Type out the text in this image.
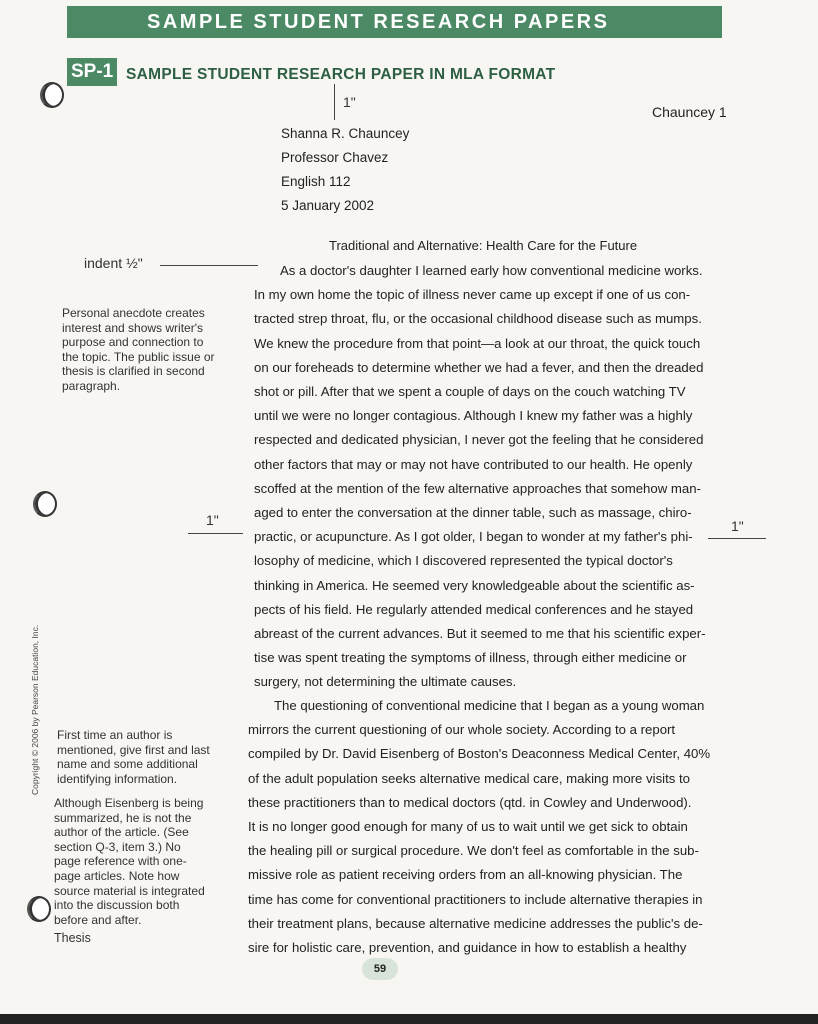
SAMPLE STUDENT RESEARCH PAPERS
SP-1 SAMPLE STUDENT RESEARCH PAPER IN MLA FORMAT
1"
Chauncey 1
Shanna R. Chauncey
Professor Chavez
English 112
5 January 2002
Traditional and Alternative: Health Care for the Future
indent ½"
1"	1"
As a doctor's daughter I learned early how conventional medicine works.
In my own home the topic of illness never came up except if one of us con-
tracted strep throat, flu, or the occasional childhood disease such as mumps.
We knew the procedure from that point—a look at our throat, the quick touch
on our foreheads to determine whether we had a fever, and then the dreaded
shot or pill. After that we spent a couple of days on the couch watching TV
until we were no longer contagious. Although I knew my father was a highly
respected and dedicated physician, I never got the feeling that he considered
other factors that may or may not have contributed to our health. He openly
scoffed at the mention of the few alternative approaches that somehow man-
aged to enter the conversation at the dinner table, such as massage, chiro-
practic, or acupuncture. As I got older, I began to wonder at my father's phi-
losophy of medicine, which I discovered represented the typical doctor's
thinking in America. He seemed very knowledgeable about the scientific as-
pects of his field. He regularly attended medical conferences and he stayed
abreast of the current advances. But it seemed to me that his scientific exper-
tise was spent treating the symptoms of illness, through either medicine or
surgery, not determining the ultimate causes.
The questioning of conventional medicine that I began as a young woman
mirrors the current questioning of our whole society. According to a report
compiled by Dr. David Eisenberg of Boston's Deaconness Medical Center, 40%
of the adult population seeks alternative medical care, making more visits to
these practitioners than to medical doctors (qtd. in Cowley and Underwood).
It is no longer good enough for many of us to wait until we get sick to obtain
the healing pill or surgical procedure. We don't feel as comfortable in the sub-
missive role as patient receiving orders from an all-knowing physician. The
time has come for conventional practitioners to include alternative therapies in
their treatment plans, because alternative medicine addresses the public's de-
sire for holistic care, prevention, and guidance in how to establish a healthy
Personal anecdote creates
interest and shows writer's
purpose and connection to
the topic. The public issue or
thesis is clarified in second
paragraph.
First time an author is
mentioned, give first and last
name and some additional
identifying information.
Although Eisenberg is being
summarized, he is not the
author of the article. (See
section Q-3, item 3.) No
page reference with one-
page articles. Note how
source material is integrated
into the discussion both
before and after.
Thesis
Copyright © 2006 by Pearson Education, Inc.
59
